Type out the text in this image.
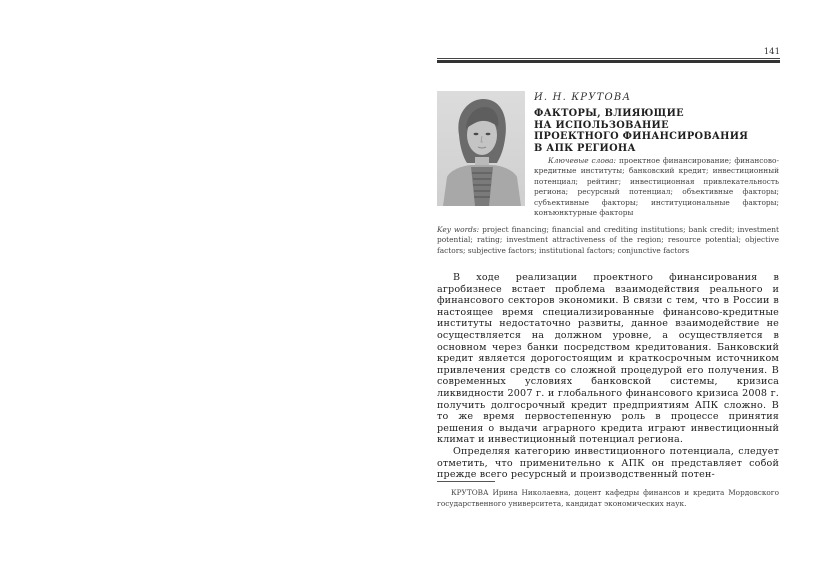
141
И. Н. КРУТОВА
ФАКТОРЫ, ВЛИЯЮЩИЕ
НА ИСПОЛЬЗОВАНИЕ
ПРОЕКТНОГО ФИНАНСИРОВАНИЯ
В АПК РЕГИОНА
Ключевые слова: проектное финансирование; финансово-кредитные институты; банковский кредит; инвестиционный потенциал; рейтинг; инвестиционная привлекательность региона; ресурсный потенциал; объективные факторы; субъективные факторы; институциональные факторы; конъюнктурные факторы
Key words: project financing; financial and crediting institutions; bank credit; investment potential; rating; investment attractiveness of the region; resource potential; objective factors; subjective factors; institutional factors; conjunctive factors

В ходе реализации проектного финансирования в агробизнесе встает проблема взаимодействия реального и финансового секторов экономики. В связи с тем, что в России в настоящее время специализированные финансово-кредитные институты недостаточно развиты, данное взаимодействие не осуществляется на должном уровне, а осуществляется в основном через банки посредством кредитования. Банковский кредит является дорогостоящим и краткосрочным источником привлечения средств со сложной процедурой его получения. В современных условиях банковской системы, кризиса ликвидности 2007 г. и глобального финансового кризиса 2008 г. получить долгосрочный кредит предприятиям АПК сложно. В то же время первостепенную роль в процессе принятия решения о выдачи аграрного кредита играют инвестиционный климат и инвестиционный потенциал региона.

Определяя категорию инвестиционного потенциала, следует отметить, что применительно к АПК он представляет собой прежде всего ресурсный и производственный потен-

КРУТОВА Ирина Николаевна, доцент кафедры финансов и кредита Мордовского государственного университета, кандидат экономических наук.
